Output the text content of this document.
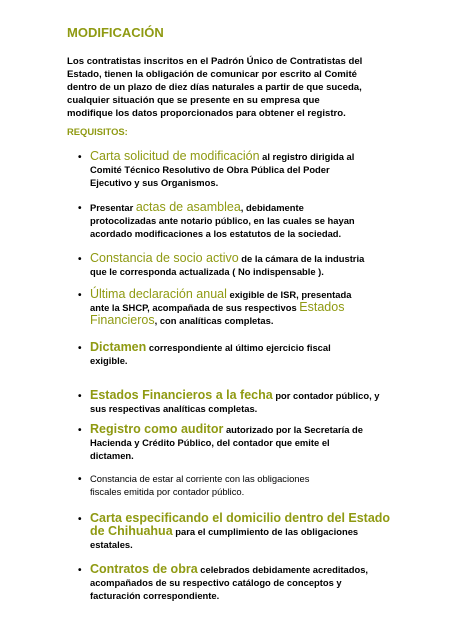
MODIFICACIÓN
Los contratistas inscritos en el Padrón Único de Contratistas del
Estado, tienen la obligación de comunicar por escrito al Comité
dentro de un plazo de diez días naturales a partir de que suceda,
cualquier situación que se presente en su empresa que
modifique los datos proporcionados para obtener el registro.
REQUISITOS:
• Carta solicitud de modificación al registro dirigida al
Comité Técnico Resolutivo de Obra Pública del Poder
Ejecutivo y sus Organismos.
• Presentar actas de asamblea, debidamente
protocolizadas ante notario público, en las cuales se hayan
acordado modificaciones a los estatutos de la sociedad.
• Constancia de socio activo de la cámara de la industria
que le corresponda actualizada ( No indispensable ).
• Última declaración anual exigible de ISR, presentada
ante la SHCP, acompañada de sus respectivos Estados
Financieros, con analíticas completas.
• Dictamen correspondiente al último ejercicio fiscal
exigible.
• Estados Financieros a la fecha por contador público, y
sus respectivas analíticas completas.
• Registro como auditor autorizado por la Secretaría de
Hacienda y Crédito Público, del contador que emite el
dictamen.
• Constancia de estar al corriente con las obligaciones
fiscales emitida por contador público.
• Carta especificando el domicilio dentro del Estado
de Chihuahua para el cumplimiento de las obligaciones
estatales.
• Contratos de obra celebrados debidamente acreditados,
acompañados de su respectivo catálogo de conceptos y
facturación correspondiente.
